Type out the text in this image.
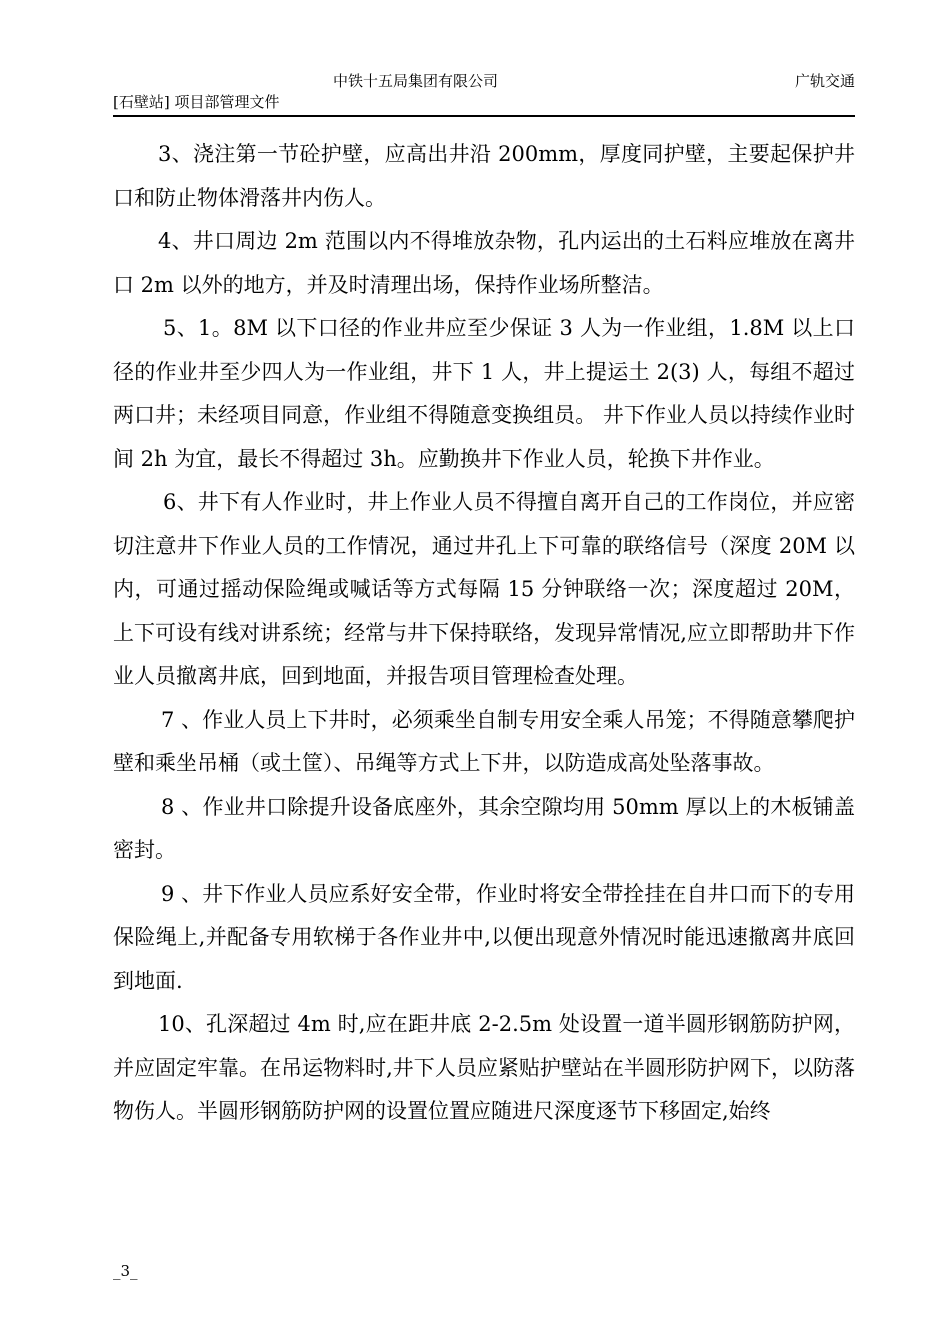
中铁十五局集团有限公司	广轨交通
[石壁站] 项目部管理文件

3、浇注第一节砼护壁，应高出井沿 200mm，厚度同护壁，主要起保护井口和防止物体滑落井内伤人。

4、井口周边 2m 范围以内不得堆放杂物，孔内运出的土石料应堆放在离井口 2m 以外的地方，并及时清理出场，保持作业场所整洁。

5、1。8M 以下口径的作业井应至少保证 3 人为一作业组，1.8M 以上口径的作业井至少四人为一作业组，井下 1 人，井上提运土 2(3) 人，每组不超过两口井；未经项目同意，作业组不得随意变换组员。 井下作业人员以持续作业时间 2h 为宜，最长不得超过 3h。应勤换井下作业人员，轮换下井作业。

6、井下有人作业时，井上作业人员不得擅自离开自己的工作岗位，并应密切注意井下作业人员的工作情况，通过井孔上下可靠的联络信号（深度 20M 以内，可通过摇动保险绳或喊话等方式每隔 15 分钟联络一次；深度超过 20M，上下可设有线对讲系统；经常与井下保持联络，发现异常情况,应立即帮助井下作业人员撤离井底，回到地面，并报告项目管理检查处理。

7 、作业人员上下井时，必须乘坐自制专用安全乘人吊笼；不得随意攀爬护壁和乘坐吊桶（或土筐）、吊绳等方式上下井，以防造成高处坠落事故。

8 、作业井口除提升设备底座外，其余空隙均用 50mm 厚以上的木板铺盖密封。

9 、井下作业人员应系好安全带，作业时将安全带拴挂在自井口而下的专用保险绳上,并配备专用软梯于各作业井中,以便出现意外情况时能迅速撤离井底回到地面.

10、孔深超过 4m 时,应在距井底 2-2.5m 处设置一道半圆形钢筋防护网，并应固定牢靠。在吊运物料时,井下人员应紧贴护壁站在半圆形防护网下，以防落物伤人。半圆形钢筋防护网的设置位置应随进尺深度逐节下移固定,始终

_3_
